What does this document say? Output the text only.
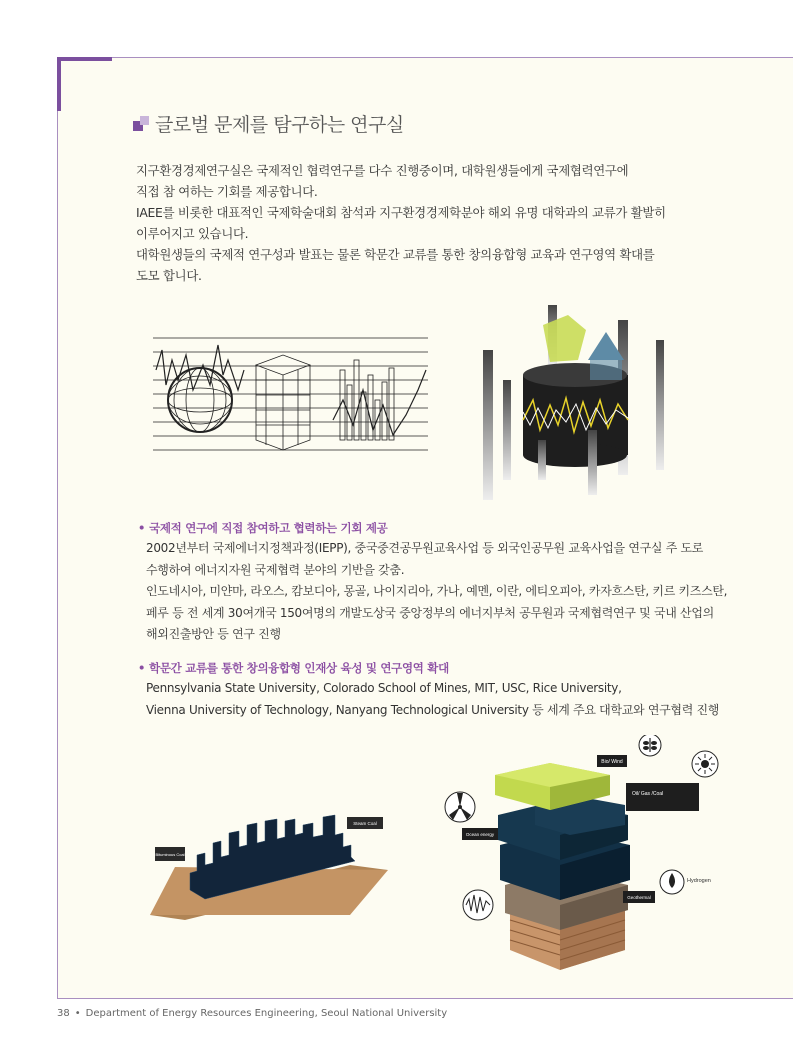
글로벌 문제를 탐구하는 연구실

지구환경경제연구실은 국제적인 협력연구를 다수 진행중이며, 대학원생들에게 국제협력연구에

직접 참 여하는 기회를 제공합니다.

IAEE를 비롯한 대표적인 국제학술대회 참석과 지구환경경제학분야 해외 유명 대학과의 교류가 활발히

이루어지고 있습니다.

대학원생들의 국제적 연구성과 발표는 물론 학문간 교류를 통한 창의융합형 교육과 연구영역 확대를

도모 합니다.

• 국제적 연구에 직접 참여하고 협력하는 기회 제공

2002년부터 국제에너지정책과정(IEPP), 중국중견공무원교육사업 등 외국인공무원 교육사업을 연구실 주 도로

수행하여 에너지자원 국제협력 분야의 기반을 갖춤.

인도네시아, 미얀마, 라오스, 캄보디아, 몽골, 나이지리아, 가나, 예멘, 이란, 에티오피아, 카자흐스탄, 키르 키즈스탄,

페루 등 전 세계 30여개국 150여명의 개발도상국 중앙정부의 에너지부처 공무원과 국제협력연구 및 국내 산업의

해외진출방안 등 연구 진행

• 학문간 교류를 통한 창의융합형 인재상 육성 및 연구영역 확대

Pennsylvania State University, Colorado School of Mines, MIT, USC, Rice University,

Vienna University of Technology, Nanyang Technological University 등 세계 주요 대학교와 연구협력 진행

Steam Coal
Bituminous Coal
Bio/ Wind
Oil/ Gas /Coal
Ocean energy
Geothermal
Hydrogen
38 • Department of Energy Resources Engineering, Seoul National University
